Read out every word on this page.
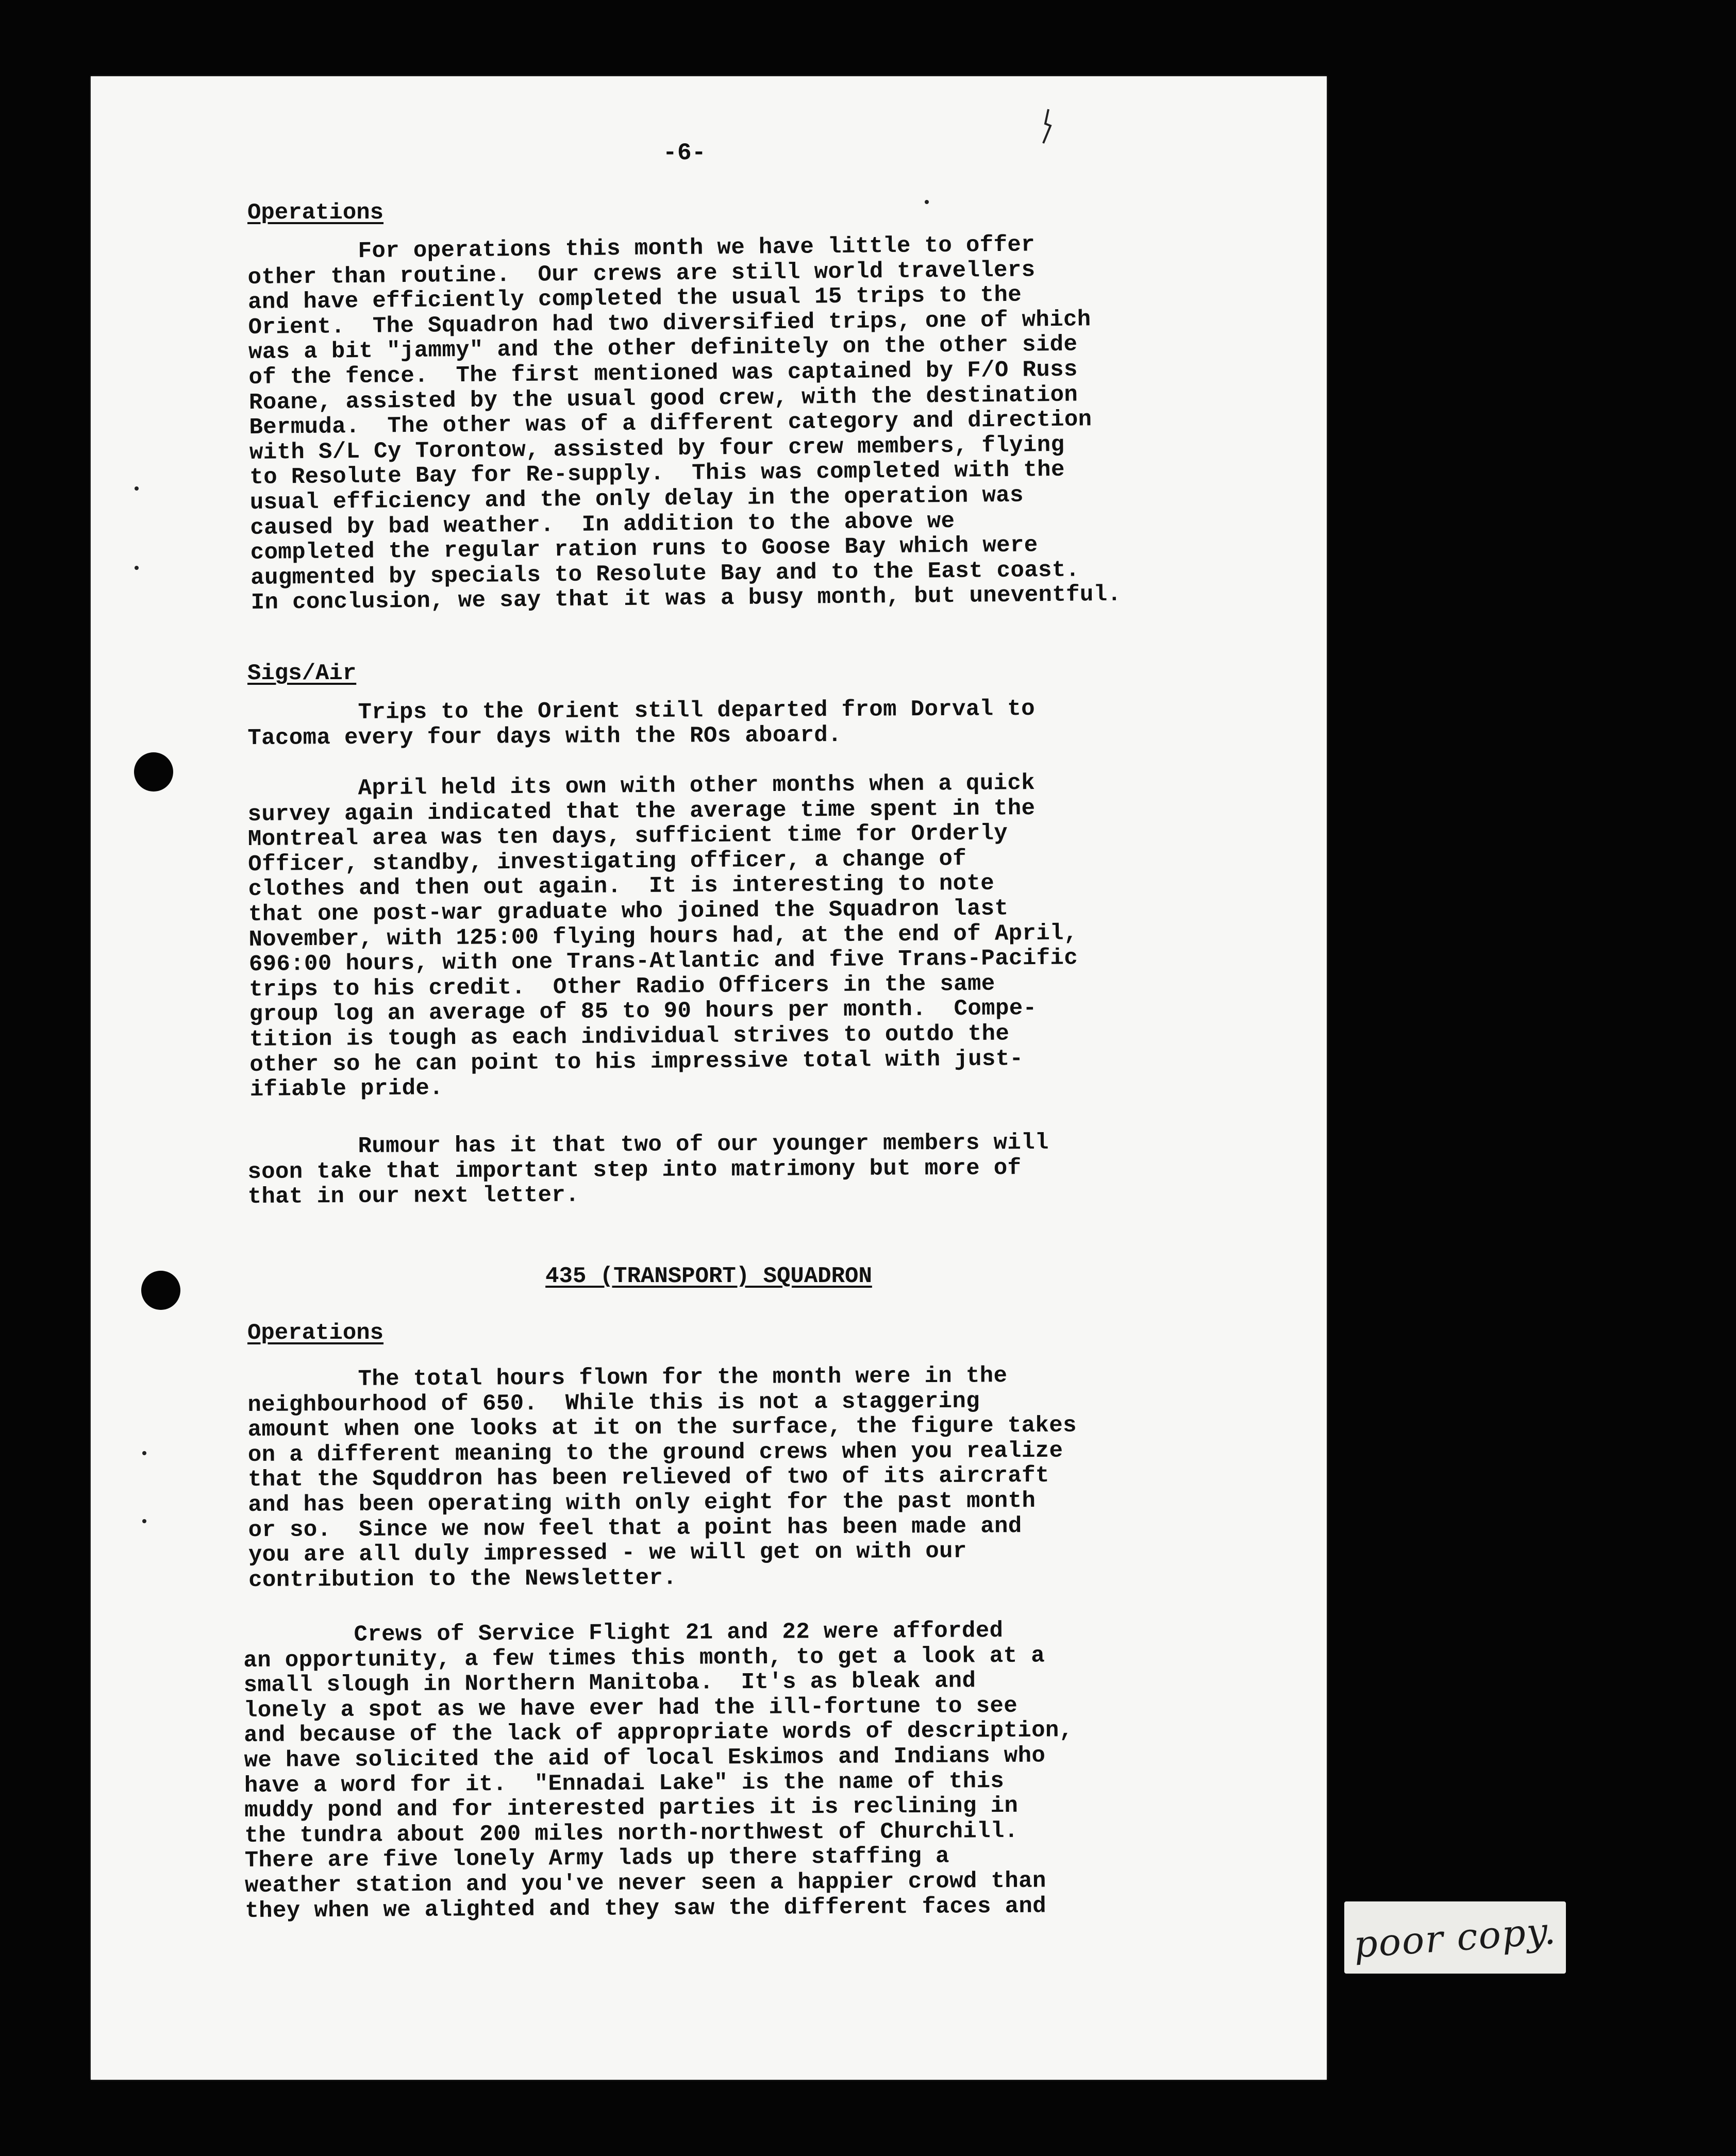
-6-
Operations
For operations this month we have little to offer
other than routine.  Our crews are still world travellers
and have efficiently completed the usual 15 trips to the
Orient.  The Squadron had two diversified trips, one of which
was a bit "jammy" and the other definitely on the other side
of the fence.  The first mentioned was captained by F/O Russ
Roane, assisted by the usual good crew, with the destination
Bermuda.  The other was of a different category and direction
with S/L Cy Torontow, assisted by four crew members, flying
to Resolute Bay for Re-supply.  This was completed with the
usual efficiency and the only delay in the operation was
caused by bad weather.  In addition to the above we
completed the regular ration runs to Goose Bay which were
augmented by specials to Resolute Bay and to the East coast.
In conclusion, we say that it was a busy month, but uneventful.
Sigs/Air
Trips to the Orient still departed from Dorval to
Tacoma every four days with the ROs aboard.
April held its own with other months when a quick
survey again indicated that the average time spent in the
Montreal area was ten days, sufficient time for Orderly
Officer, standby, investigating officer, a change of
clothes and then out again.  It is interesting to note
that one post-war graduate who joined the Squadron last
November, with 125:00 flying hours had, at the end of April,
696:00 hours, with one Trans-Atlantic and five Trans-Pacific
trips to his credit.  Other Radio Officers in the same
group log an average of 85 to 90 hours per month.  Compe-
tition is tough as each individual strives to outdo the
other so he can point to his impressive total with just-
ifiable pride.
Rumour has it that two of our younger members will
soon take that important step into matrimony but more of
that in our next letter.
435 (TRANSPORT) SQUADRON
Operations
The total hours flown for the month were in the
neighbourhood of 650.  While this is not a staggering
amount when one looks at it on the surface, the figure takes
on a different meaning to the ground crews when you realize
that the Squddron has been relieved of two of its aircraft
and has been operating with only eight for the past month
or so.  Since we now feel that a point has been made and
you are all duly impressed - we will get on with our
contribution to the Newsletter.
Crews of Service Flight 21 and 22 were afforded
an opportunity, a few times this month, to get a look at a
small slough in Northern Manitoba.  It's as bleak and
lonely a spot as we have ever had the ill-fortune to see
and because of the lack of appropriate words of description,
we have solicited the aid of local Eskimos and Indians who
have a word for it.  "Ennadai Lake" is the name of this
muddy pond and for interested parties it is reclining in
the tundra about 200 miles north-northwest of Churchill.
There are five lonely Army lads up there staffing a
weather station and you've never seen a happier crowd than
they when we alighted and they saw the different faces and
poor copy.
